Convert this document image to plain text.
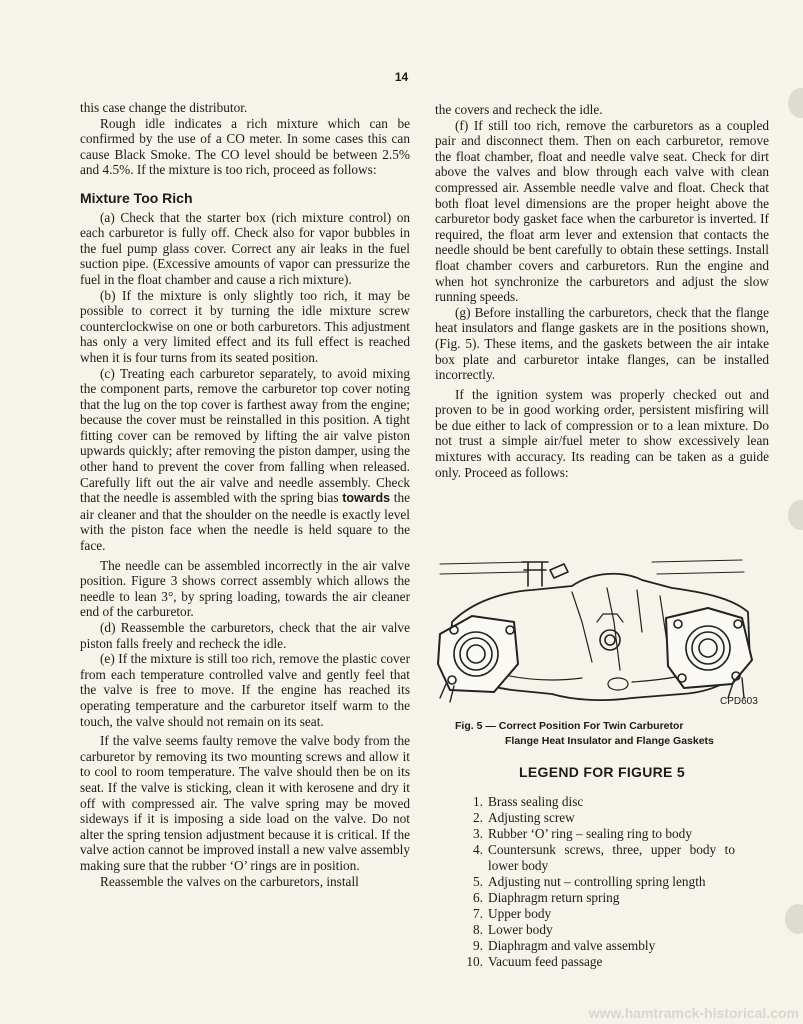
14

this case change the distributor.

Rough idle indicates a rich mixture which can be confirmed by the use of a CO meter. In some cases this can cause Black Smoke. The CO level should be between 2.5% and 4.5%. If the mixture is too rich, proceed as follows:

Mixture Too Rich

(a) Check that the starter box (rich mixture control) on each carburetor is fully off. Check also for vapor bubbles in the fuel pump glass cover. Correct any air leaks in the fuel suction pipe. (Excessive amounts of vapor can pressurize the fuel in the float chamber and cause a rich mixture).

(b) If the mixture is only slightly too rich, it may be possible to correct it by turning the idle mixture screw counterclockwise on one or both carburetors. This adjustment has only a very limited effect and its full effect is reached when it is four turns from its seated position.

(c) Treating each carburetor separately, to avoid mixing the component parts, remove the carburetor top cover noting that the lug on the top cover is farthest away from the engine; because the cover must be reinstalled in this position. A tight fitting cover can be removed by lifting the air valve piston upwards quickly; after removing the piston damper, using the other hand to prevent the cover from falling when released. Carefully lift out the air valve and needle assembly. Check that the needle is assembled with the spring bias towards the air cleaner and that the shoulder on the needle is exactly level with the piston face when the needle is held square to the face.

The needle can be assembled incorrectly in the air valve position. Figure 3 shows correct assembly which allows the needle to lean 3°, by spring loading, towards the air cleaner end of the carburetor.

(d) Reassemble the carburetors, check that the air valve piston falls freely and recheck the idle.

(e) If the mixture is still too rich, remove the plastic cover from each temperature controlled valve and gently feel that the valve is free to move. If the engine has reached its operating temperature and the carburetor itself warm to the touch, the valve should not remain on its seat.

If the valve seems faulty remove the valve body from the carburetor by removing its two mounting screws and allow it to cool to room temperature. The valve should then be on its seat. If the valve is sticking, clean it with kerosene and dry it off with compressed air. The valve spring may be moved sideways if it is imposing a side load on the valve. Do not alter the spring tension adjustment because it is critical. If the valve action cannot be improved install a new valve assembly making sure that the rubber ‘O’ rings are in position.

Reassemble the valves on the carburetors, install

the covers and recheck the idle.

(f) If still too rich, remove the carburetors as a coupled pair and disconnect them. Then on each carburetor, remove the float chamber, float and needle valve seat. Check for dirt above the valves and blow through each valve with clean compressed air. Assemble needle valve and float. Check that both float level dimensions are the proper height above the carburetor body gasket face when the carburetor is inverted. If required, the float arm lever and extension that contacts the needle should be bent carefully to obtain these settings. Install float chamber covers and carburetors. Run the engine and when hot synchronize the carburetors and adjust the slow running speeds.

(g) Before installing the carburetors, check that the flange heat insulators and flange gaskets are in the positions shown, (Fig. 5). These items, and the gaskets between the air intake box plate and carburetor intake flanges, can be installed incorrectly.

If the ignition system was properly checked out and proven to be in good working order, persistent misfiring will be due either to lack of compression or to a lean mixture. Do not trust a simple air/fuel meter to show excessively lean mixtures with accuracy. Its reading can be taken as a guide only. Proceed as follows:

CPD603
Fig. 5 — Correct Position For Twin Carburetor
Flange Heat Insulator and Flange Gaskets
LEGEND FOR FIGURE 5
1. Brass sealing disc
2. Adjusting screw
3. Rubber ‘O’ ring – sealing ring to body
4. Countersunk screws, three, upper body to lower body
5. Adjusting nut – controlling spring length
6. Diaphragm return spring
7. Upper body
8. Lower body
9. Diaphragm and valve assembly
10. Vacuum feed passage
www.hamtramck-historical.com
